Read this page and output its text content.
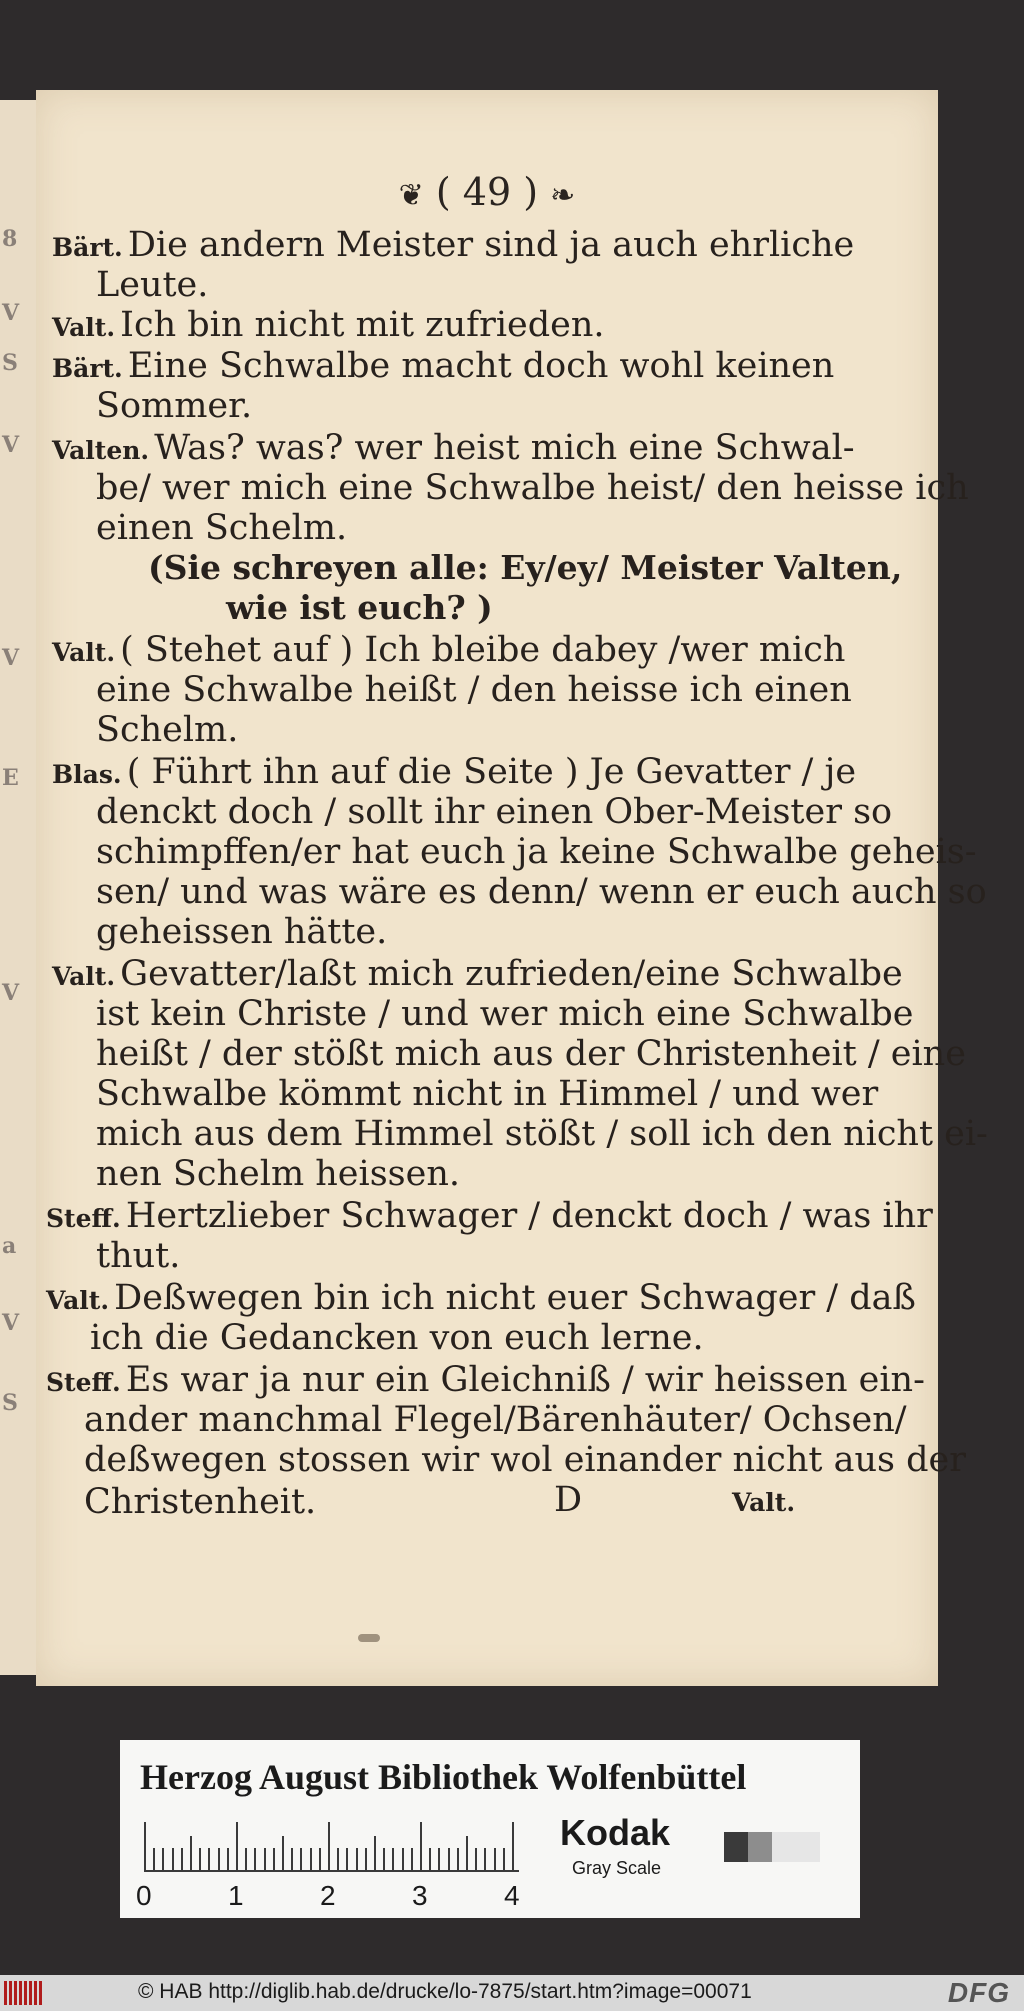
8
V
S
V
V
E
V
a
V
S
❦ ( 49 ) ❧
Bärt. Die andern Meister sind ja auch ehrliche
Leute.
Valt. Ich bin nicht mit zufrieden.
Bärt. Eine Schwalbe macht doch wohl keinen
Sommer.
Valten. Was? was? wer heist mich eine Schwal-
be/ wer mich eine Schwalbe heist/ den heisse ich
einen Schelm.
(Sie schreyen alle: Ey/ey/ Meister Valten,
wie ist euch? )
Valt. ( Stehet auf ) Ich bleibe dabey /wer mich
eine Schwalbe heißt / den heisse ich einen
Schelm.
Blas. ( Führt ihn auf die Seite ) Je Gevatter / je
denckt doch / sollt ihr einen Ober-Meister so
schimpffen/er hat euch ja keine Schwalbe geheis-
sen/ und was wäre es denn/ wenn er euch auch so
geheissen hätte.
Valt. Gevatter/laßt mich zufrieden/eine Schwalbe
ist kein Christe / und wer mich eine Schwalbe
heißt / der stößt mich aus der Christenheit / eine
Schwalbe kömmt nicht in Himmel / und wer
mich aus dem Himmel stößt / soll ich den nicht ei-
nen Schelm heissen.
Steff. Hertzlieber Schwager / denckt doch / was ihr
thut.
Valt. Deßwegen bin ich nicht euer Schwager / daß
ich die Gedancken von euch lerne.
Steff. Es war ja nur ein Gleichniß / wir heissen ein-
ander manchmal Flegel/Bärenhäuter/ Ochsen/
deßwegen stossen wir wol einander nicht aus der
Christenheit.	D	Valt.
Herzog August Bibliothek Wolfenbüttel
0	1	2	3	4
Kodak
Gray Scale
© HAB http://diglib.hab.de/drucke/lo-7875/start.htm?image=00071	DFG
